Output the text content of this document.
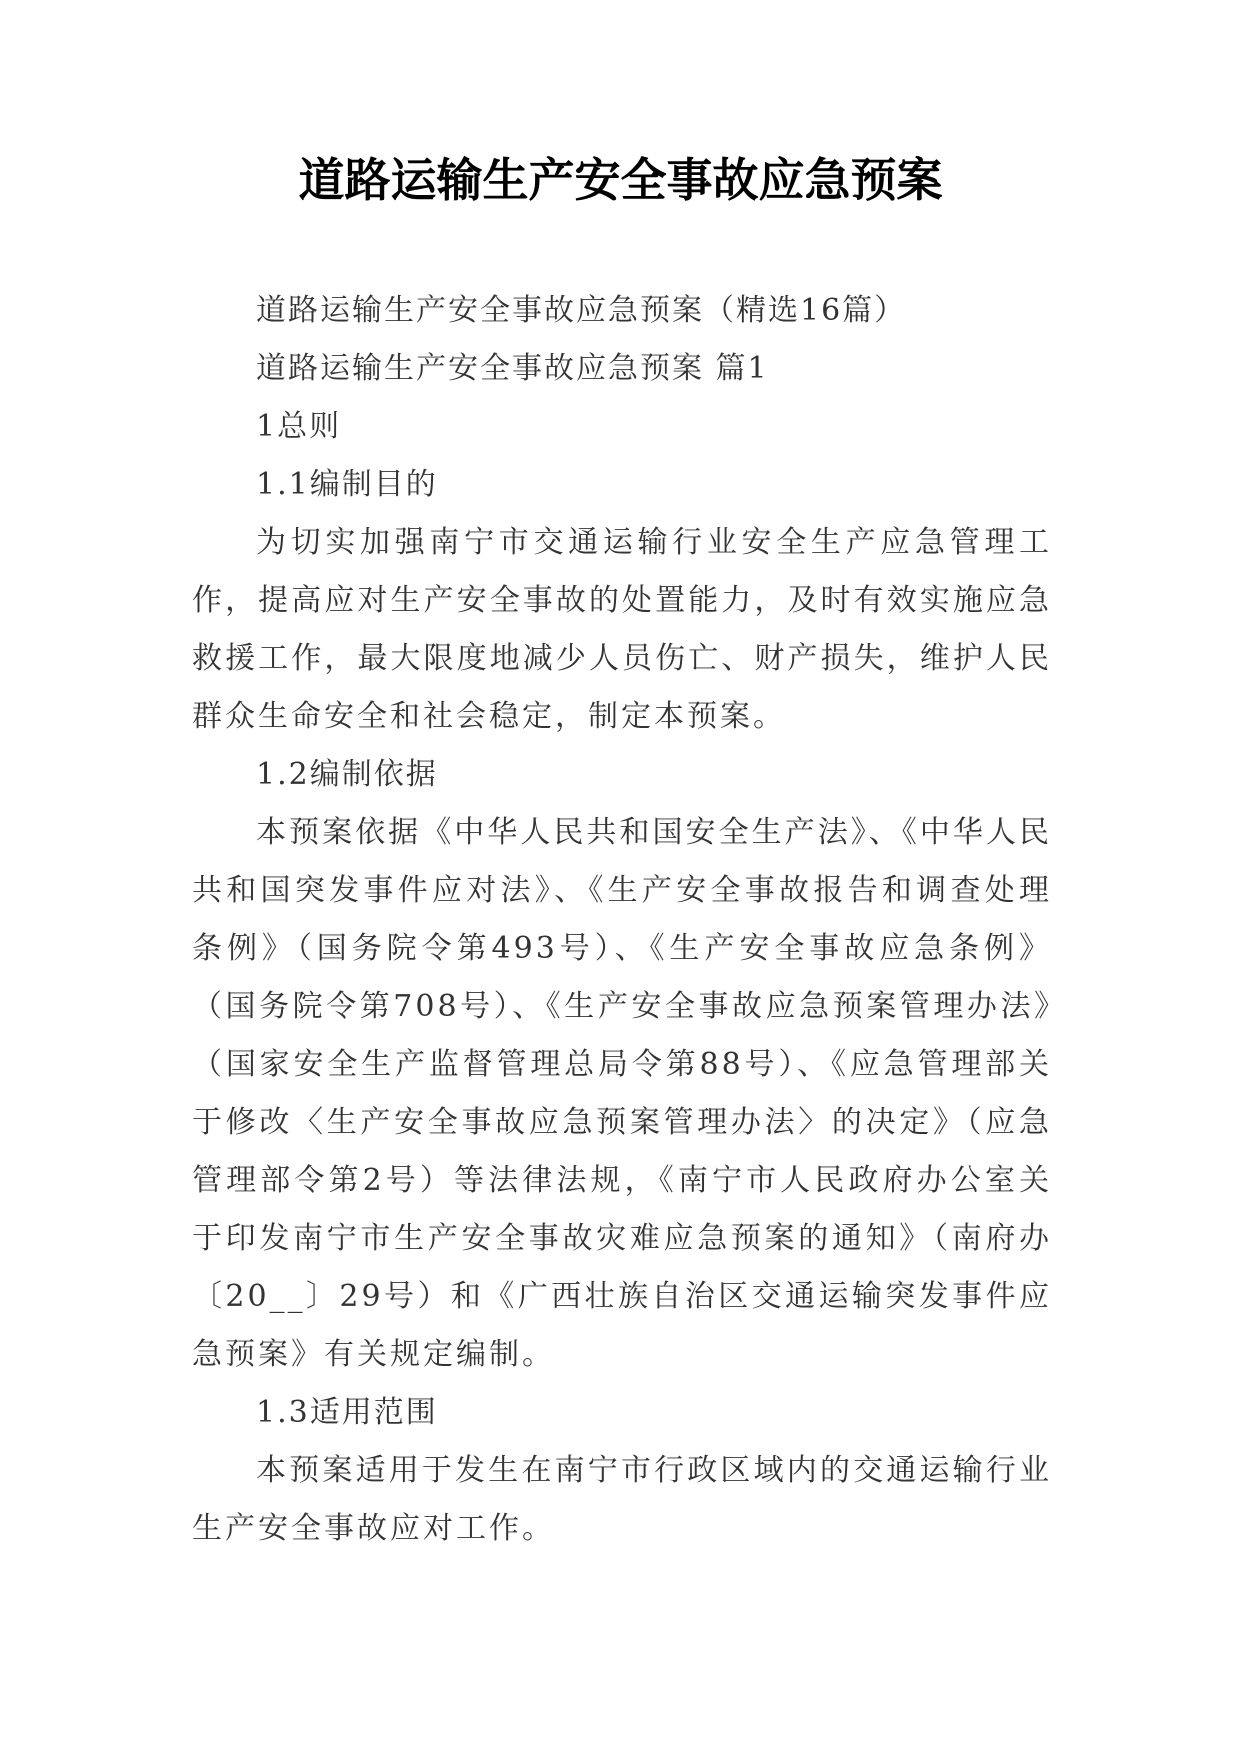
道路运输生产安全事故应急预案

道路运输生产安全事故应急预案（精选16篇）

道路运输生产安全事故应急预案 篇1

1总则

1.1编制目的

为切实加强南宁市交通运输行业安全生产应急管理工作，提高应对生产安全事故的处置能力，及时有效实施应急救援工作，最大限度地减少人员伤亡、财产损失，维护人民群众生命安全和社会稳定，制定本预案。

1.2编制依据

本预案依据《中华人民共和国安全生产法》、《中华人民共和国突发事件应对法》、《生产安全事故报告和调查处理条例》（国务院令第493号）、《生产安全事故应急条例》（国务院令第708号）、《生产安全事故应急预案管理办法》（国家安全生产监督管理总局令第88号）、《应急管理部关于修改〈生产安全事故应急预案管理办法〉的决定》（应急管理部令第2号）等法律法规，《南宁市人民政府办公室关于印发南宁市生产安全事故灾难应急预案的通知》（南府办〔20__〕29号）和《广西壮族自治区交通运输突发事件应急预案》有关规定编制。

1.3适用范围

本预案适用于发生在南宁市行政区域内的交通运输行业生产安全事故应对工作。
